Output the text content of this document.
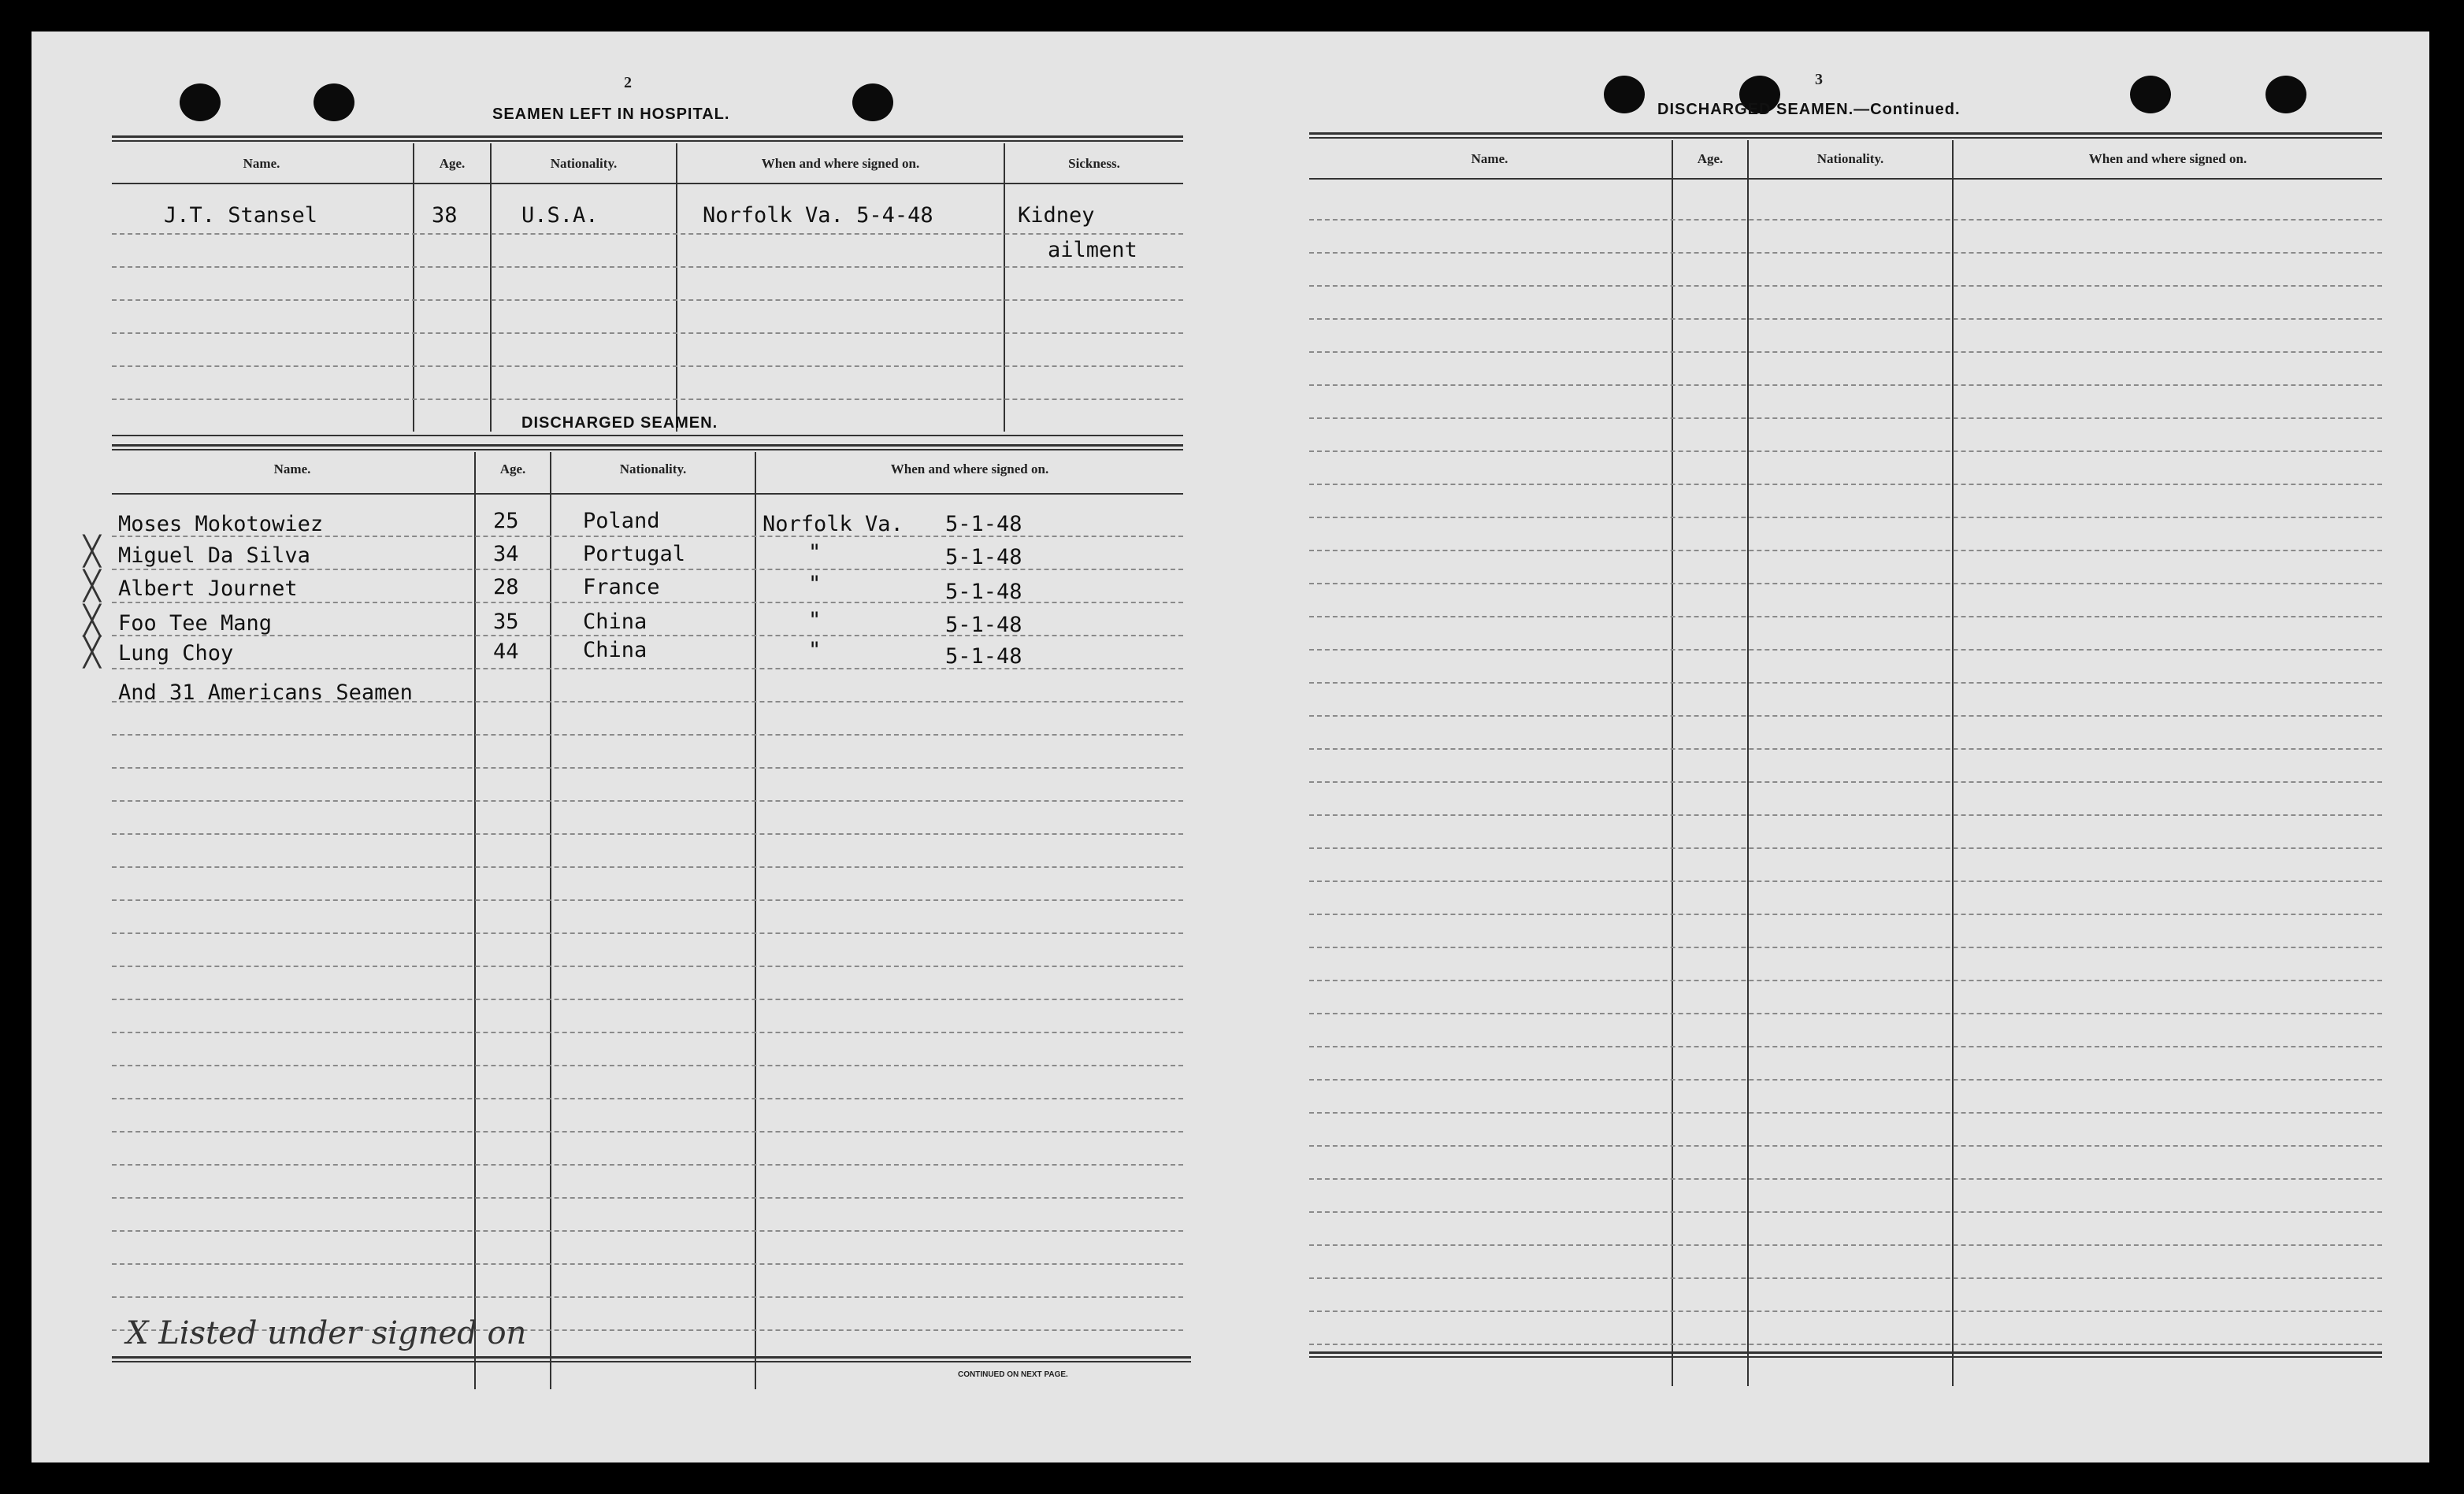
2
SEAMEN LEFT IN HOSPITAL.
Name.	Age.	Nationality.	When and where signed on.	Sickness.
J.T. Stansel	38	U.S.A.	Norfolk Va. 5-4-48	Kidney
ailment
DISCHARGED SEAMEN.
Name.	Age.	Nationality.	When and where signed on.
Moses Mokotowiez	25	Poland	Norfolk Va. 5-1-48
Miguel Da Silva	34	Portugal	"	5-1-48
Albert Journet	28	France	"	5-1-48
Foo Tee Mang	35	China	"	5-1-48
Lung Choy	44	China	"	5-1-48
And 31 Americans Seamen
╳
╳
╳
╳
X Listed under signed on
CONTINUED ON NEXT PAGE.
3
DISCHARGED SEAMEN.—Continued.
Name.	Age.	Nationality.	When and where signed on.
